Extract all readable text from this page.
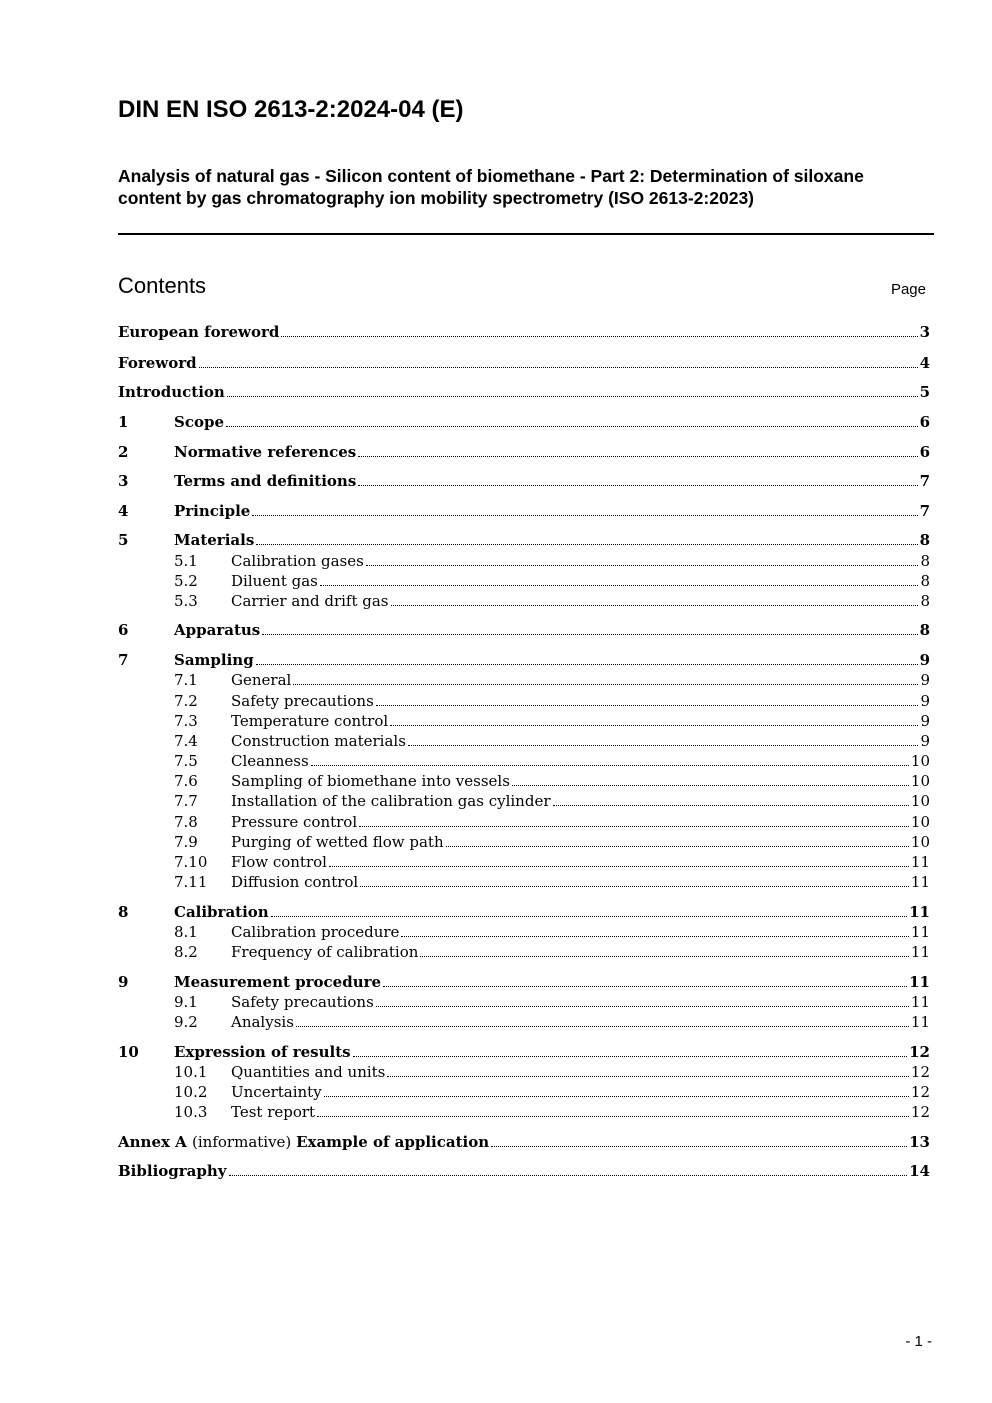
DIN EN ISO 2613-2:2024-04 (E)
Analysis of natural gas - Silicon content of biomethane - Part 2: Determination of siloxane content by gas chromatography ion mobility spectrometry (ISO 2613-2:2023)
Contents	Page
European foreword	3
Foreword	4
Introduction	5
1	Scope	6
2	Normative references	6
3	Terms and definitions	7
4	Principle	7
5	Materials	8
5.1	Calibration gases	8
5.2	Diluent gas	8
5.3	Carrier and drift gas	8
6	Apparatus	8
7	Sampling	9
7.1	General	9
7.2	Safety precautions	9
7.3	Temperature control	9
7.4	Construction materials	9
7.5	Cleanness	10
7.6	Sampling of biomethane into vessels	10
7.7	Installation of the calibration gas cylinder	10
7.8	Pressure control	10
7.9	Purging of wetted flow path	10
7.10	Flow control	11
7.11	Diffusion control	11
8	Calibration	11
8.1	Calibration procedure	11
8.2	Frequency of calibration	11
9	Measurement procedure	11
9.1	Safety precautions	11
9.2	Analysis	11
10	Expression of results	12
10.1	Quantities and units	12
10.2	Uncertainty	12
10.3	Test report	12
Annex A (informative) Example of application	13
Bibliography	14
- 1 -
